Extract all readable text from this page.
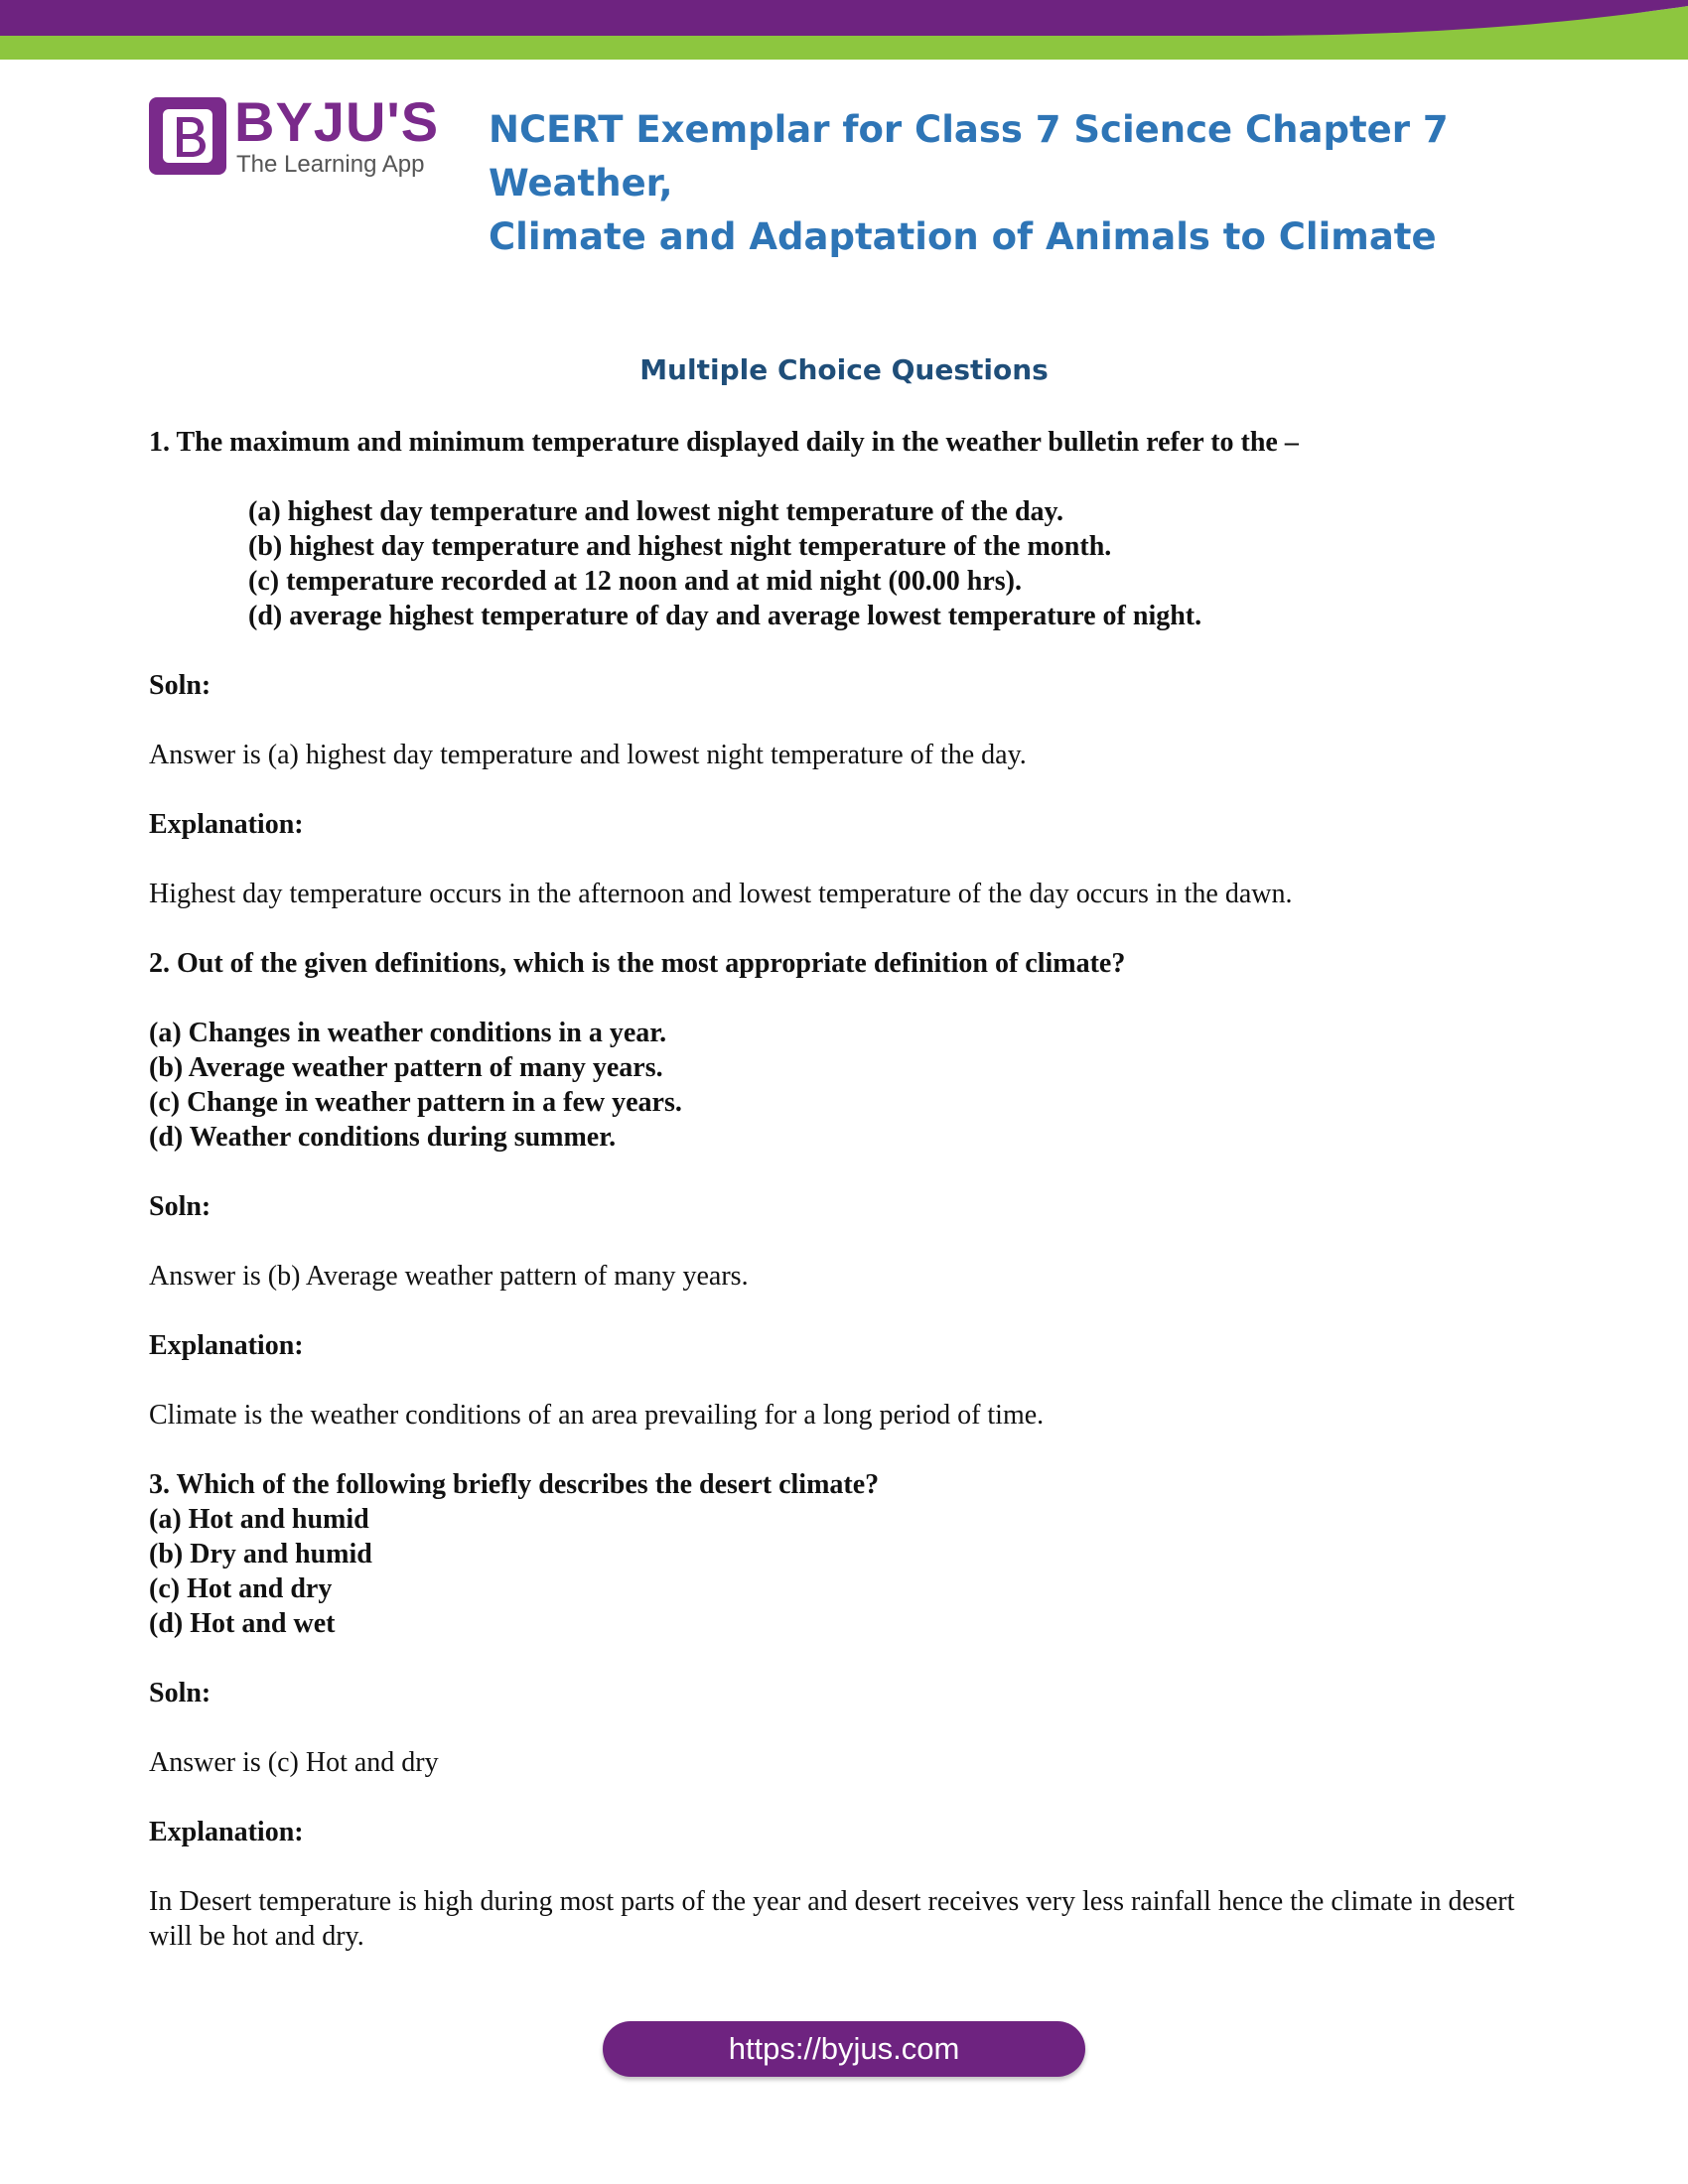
BYJU'S
The Learning App
NCERT Exemplar for Class 7 Science Chapter 7 Weather,
Climate and Adaptation of Animals to Climate
Multiple Choice Questions

1. The maximum and minimum temperature displayed daily in the weather bulletin refer to the –

(a) highest day temperature and lowest night temperature of the day.

(b) highest day temperature and highest night temperature of the month.

(c) temperature recorded at 12 noon and at mid night (00.00 hrs).

(d) average highest temperature of day and average lowest temperature of night.

Soln:

Answer is (a) highest day temperature and lowest night temperature of the day.

Explanation:

Highest day temperature occurs in the afternoon and lowest temperature of the day occurs in the dawn.

2. Out of the given definitions, which is the most appropriate definition of climate?

(a) Changes in weather conditions in a year.

(b) Average weather pattern of many years.

(c) Change in weather pattern in a few years.

(d) Weather conditions during summer.

Soln:

Answer is (b) Average weather pattern of many years.

Explanation:

Climate is the weather conditions of an area prevailing for a long period of time.

3. Which of the following briefly describes the desert climate?

(a) Hot and humid

(b) Dry and humid

(c) Hot and dry

(d) Hot and wet

Soln:

Answer is (c) Hot and dry

Explanation:

In Desert temperature is high during most parts of the year and desert receives very less rainfall hence the climate in desert will be hot and dry.

https://byjus.com
